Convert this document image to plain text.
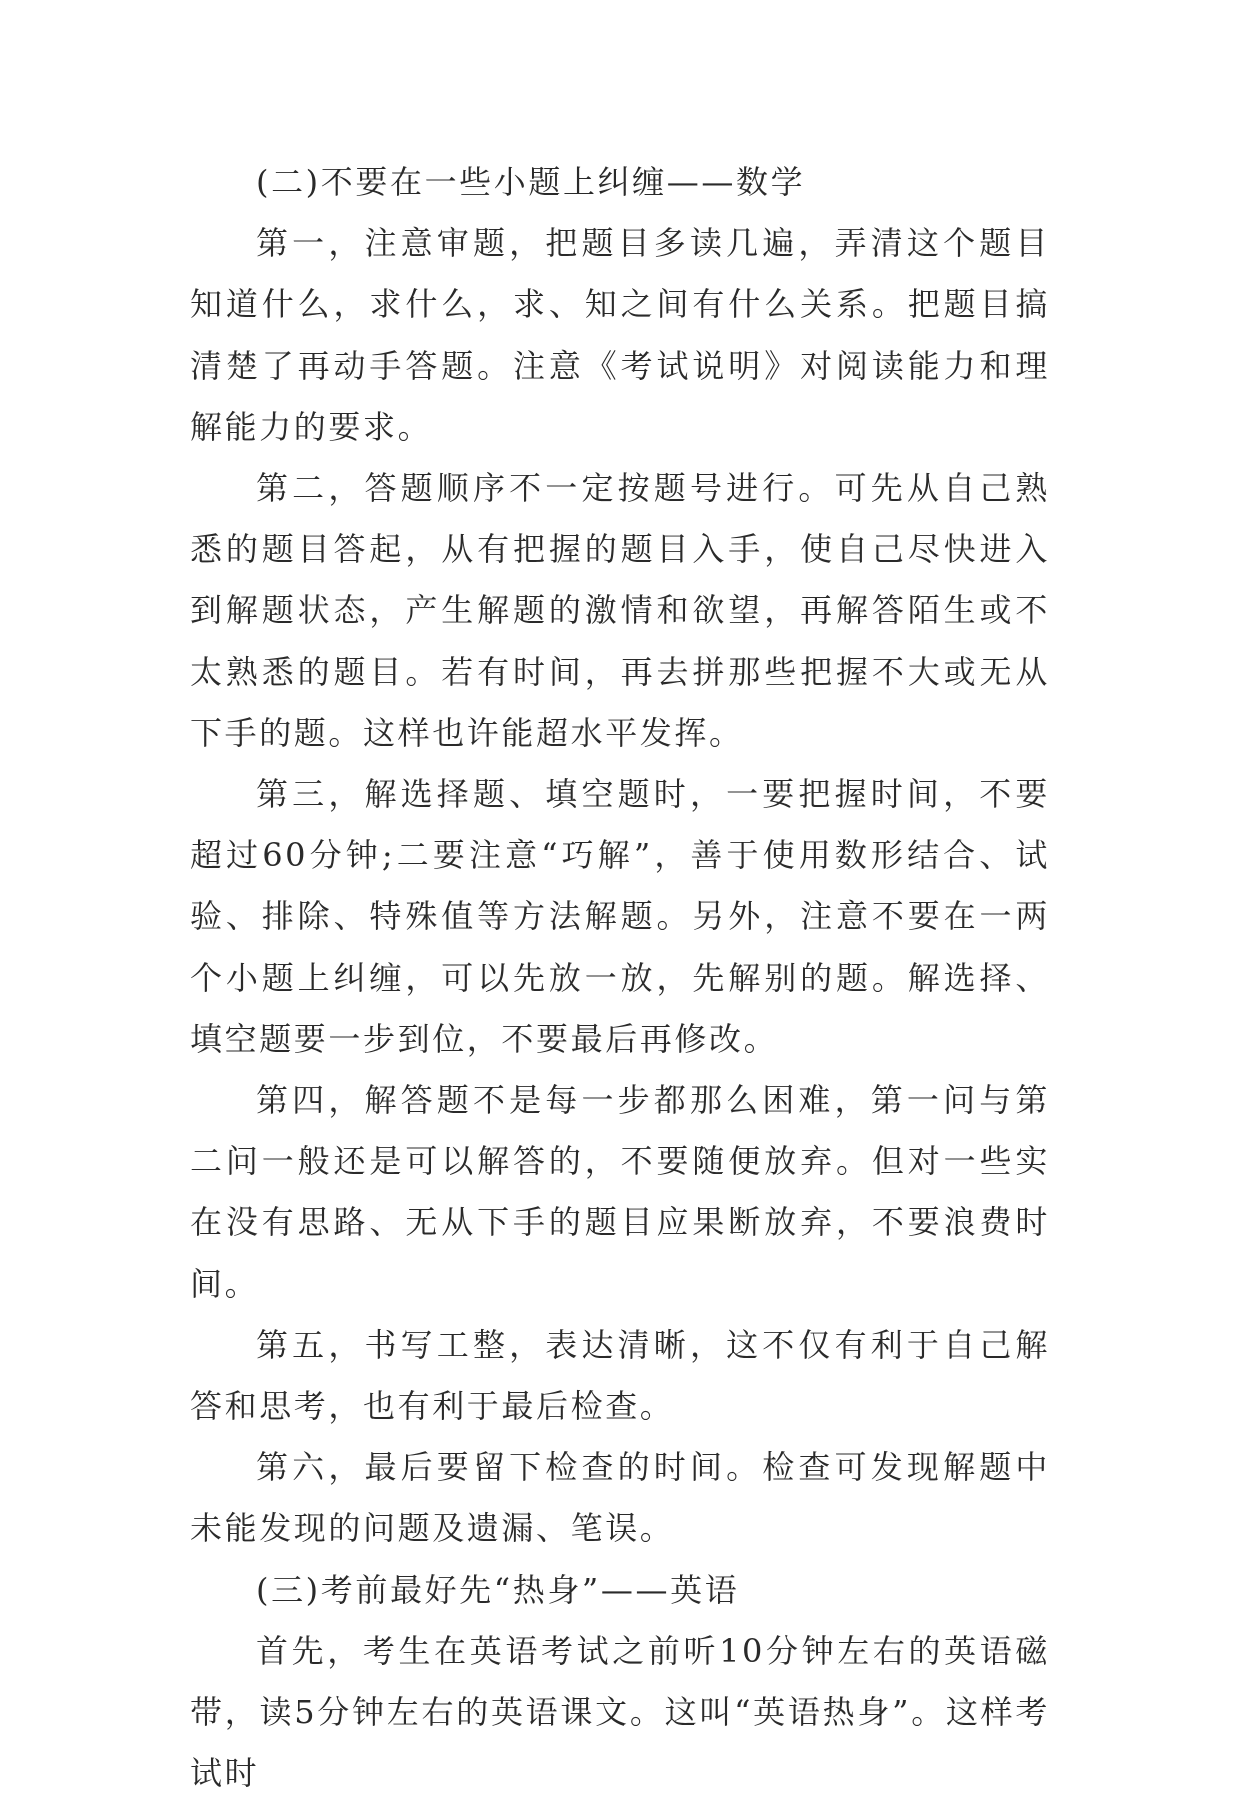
(二)不要在一些小题上纠缠——数学

第一，注意审题，把题目多读几遍，弄清这个题目知道什么，求什么，求、知之间有什么关系。把题目搞清楚了再动手答题。注意《考试说明》对阅读能力和理解能力的要求。

第二，答题顺序不一定按题号进行。可先从自己熟悉的题目答起，从有把握的题目入手，使自己尽快进入到解题状态，产生解题的激情和欲望，再解答陌生或不太熟悉的题目。若有时间，再去拼那些把握不大或无从下手的题。这样也许能超水平发挥。

第三，解选择题、填空题时，一要把握时间，不要超过60分钟;二要注意“巧解”，善于使用数形结合、试验、排除、特殊值等方法解题。另外，注意不要在一两个小题上纠缠，可以先放一放，先解别的题。解选择、填空题要一步到位，不要最后再修改。

第四，解答题不是每一步都那么困难，第一问与第二问一般还是可以解答的，不要随便放弃。但对一些实在没有思路、无从下手的题目应果断放弃，不要浪费时间。

第五，书写工整，表达清晰，这不仅有利于自己解答和思考，也有利于最后检查。

第六，最后要留下检查的时间。检查可发现解题中未能发现的问题及遗漏、笔误。

(三)考前最好先“热身”——英语

首先，考生在英语考试之前听10分钟左右的英语磁带，读5分钟左右的英语课文。这叫“英语热身”。这样考试时
